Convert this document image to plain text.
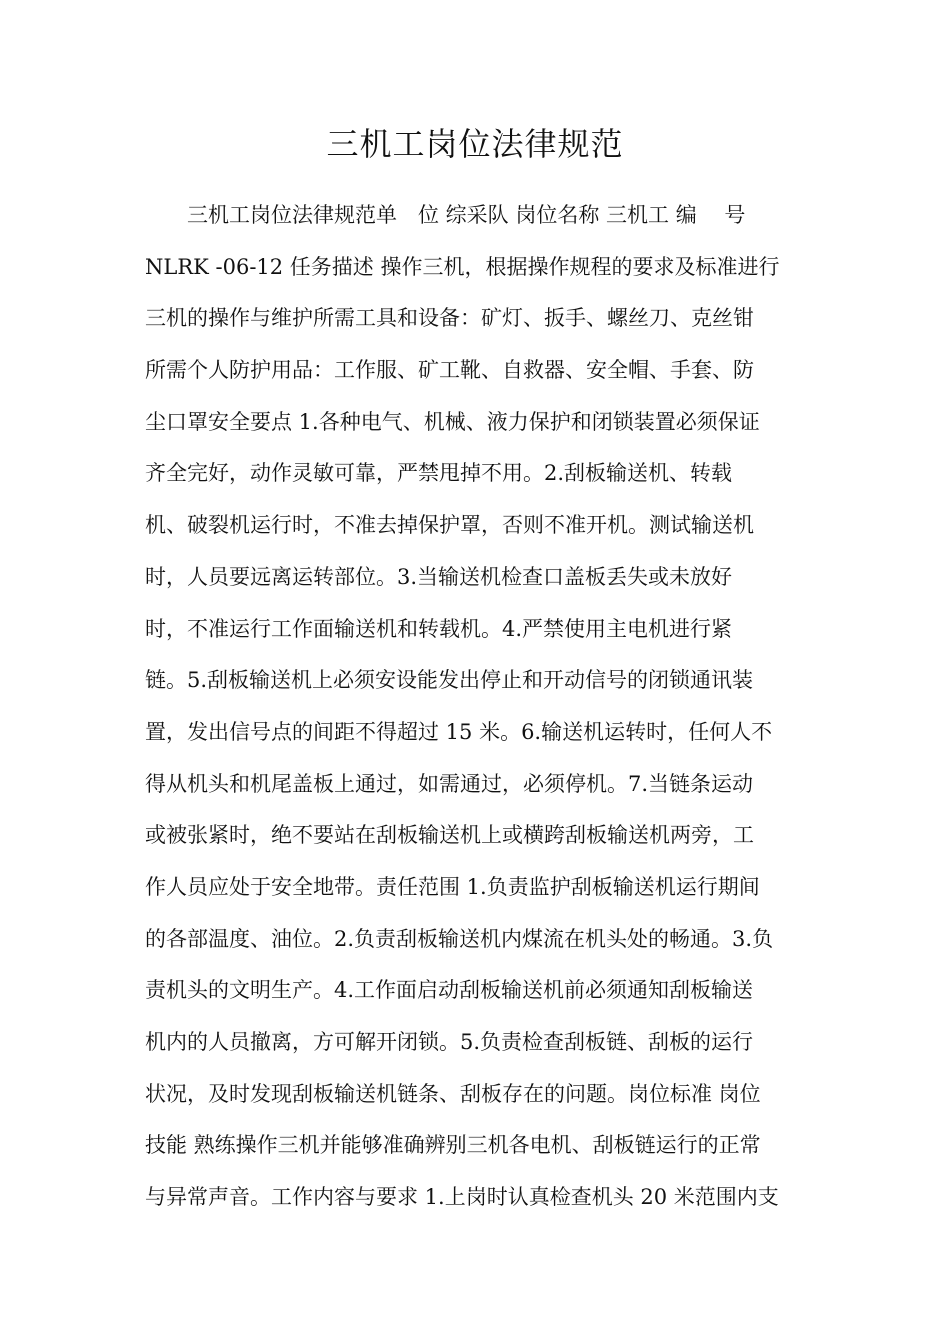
三机工岗位法律规范
三机工岗位法律规范单　位 综采队 岗位名称 三机工 编　 号
NLRK -06-12 任务描述 操作三机，根据操作规程的要求及标准进行
三机的操作与维护所需工具和设备：矿灯、扳手、螺丝刀、克丝钳
所需个人防护用品：工作服、矿工靴、自救器、安全帽、手套、防
尘口罩安全要点 1.各种电气、机械、液力保护和闭锁装置必须保证
齐全完好，动作灵敏可靠，严禁甩掉不用。2.刮板输送机、转载
机、破裂机运行时，不准去掉保护罩，否则不准开机。测试输送机
时，人员要远离运转部位。3.当输送机检查口盖板丢失或未放好
时，不准运行工作面输送机和转载机。4.严禁使用主电机进行紧
链。5.刮板输送机上必须安设能发出停止和开动信号的闭锁通讯装
置，发出信号点的间距不得超过 15 米。6.输送机运转时，任何人不
得从机头和机尾盖板上通过，如需通过，必须停机。7.当链条运动
或被张紧时，绝不要站在刮板输送机上或横跨刮板输送机两旁，工
作人员应处于安全地带。责任范围 1.负责监护刮板输送机运行期间
的各部温度、油位。2.负责刮板输送机内煤流在机头处的畅通。3.负
责机头的文明生产。4.工作面启动刮板输送机前必须通知刮板输送
机内的人员撤离，方可解开闭锁。5.负责检查刮板链、刮板的运行
状况，及时发现刮板输送机链条、刮板存在的问题。岗位标准 岗位
技能 熟练操作三机并能够准确辨别三机各电机、刮板链运行的正常
与异常声音。工作内容与要求 1.上岗时认真检查机头 20 米范围内支
